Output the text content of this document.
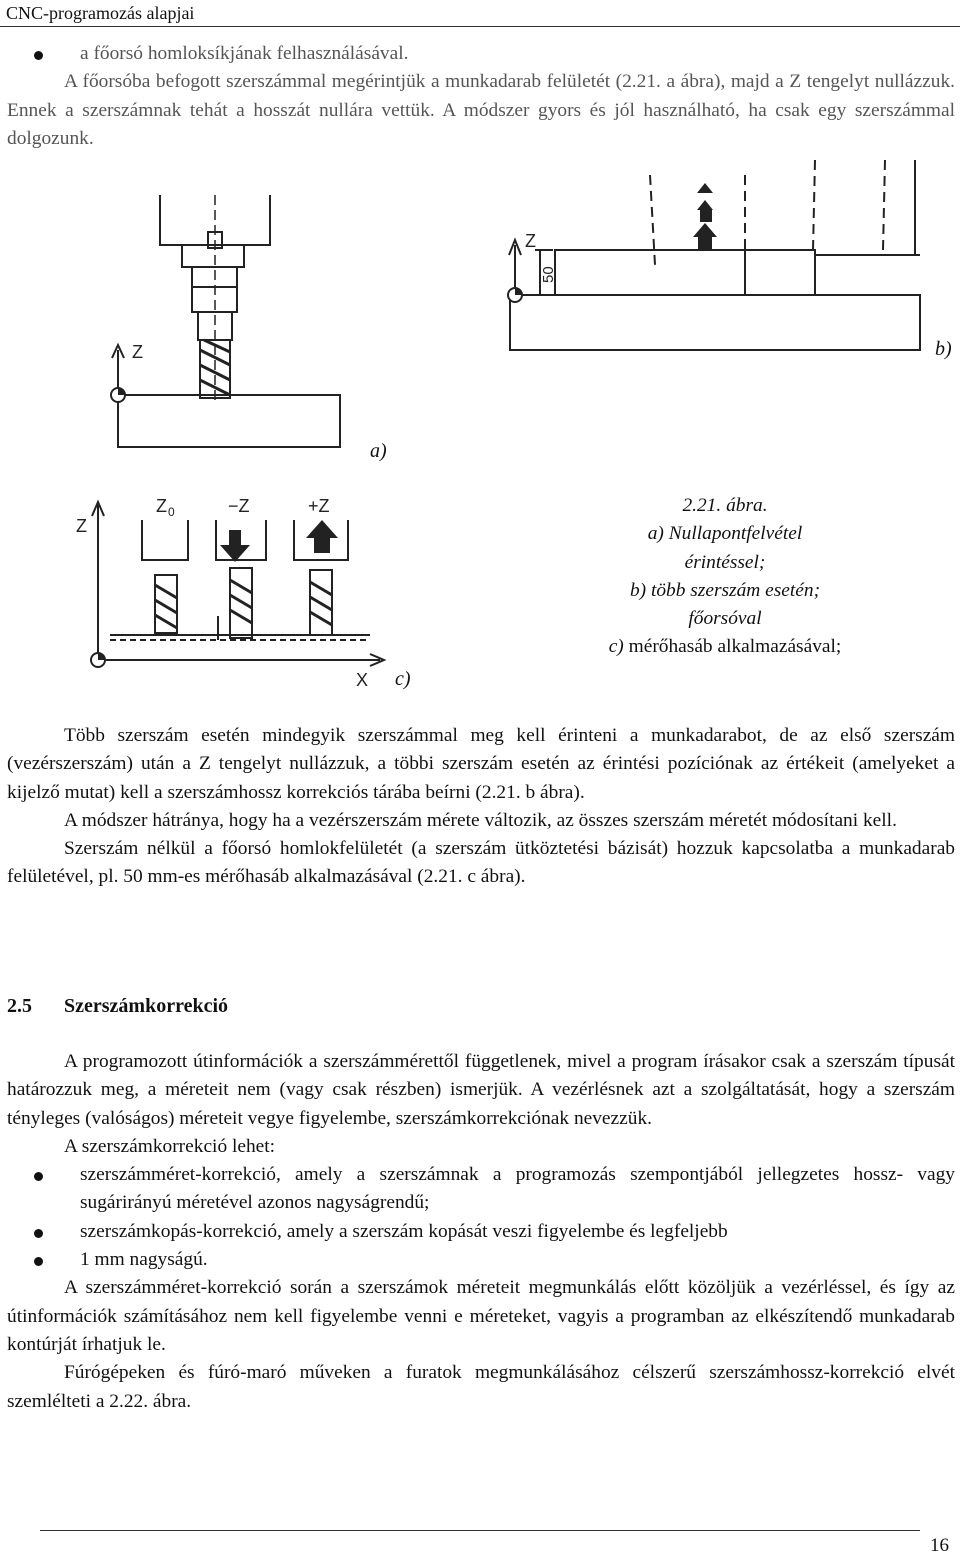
CNC-programozás alapjai
a főorsó homloksíkjának felhasználásával.

A főorsóba befogott szerszámmal megérintjük a munkadarab felületét (2.21. a ábra), majd a Z tengelyt nullázzuk. Ennek a szerszámnak tehát a hosszát nullára vettük. A módszer gyors és jól használható, ha csak egy szerszámmal dolgozunk.

Z
a)
Z
50
b)
Z
X
Z 0	−Z	+Z
c)
2.21. ábra.
a) Nullapontfelvétel
érintéssel;
b) több szerszám esetén;
főorsóval
c) mérőhasáb alkalmazásával;

Több szerszám esetén mindegyik szerszámmal meg kell érinteni a munkadarabot, de az első szerszám (vezérszerszám) után a Z tengelyt nullázzuk, a többi szerszám esetén az érintési pozíciónak az értékeit (amelyeket a kijelző mutat) kell a szerszámhossz korrekciós tárába beírni (2.21. b ábra).

A módszer hátránya, hogy ha a vezérszerszám mérete változik, az összes szerszám méretét módosítani kell.

Szerszám nélkül a főorsó homlokfelületét (a szerszám ütköztetési bázisát) hozzuk kapcsolatba a munkadarab felületével, pl. 50 mm-es mérőhasáb alkalmazásával (2.21. c ábra).

2.5 Szerszámkorrekció

A programozott útinformációk a szerszámmérettől függetlenek, mivel a program írásakor csak a szerszám típusát határozzuk meg, a méreteit nem (vagy csak részben) ismerjük. A vezérlésnek azt a szolgáltatását, hogy a szerszám tényleges (valóságos) méreteit vegye figyelembe, szerszámkorrekciónak nevezzük.

A szerszámkorrekció lehet:

szerszámméret-korrekció, amely a szerszámnak a programozás szempontjából jellegzetes hossz- vagy sugárirányú méretével azonos nagyságrendű;
szerszámkopás-korrekció, amely a szerszám kopását veszi figyelembe és legfeljebb
1 mm nagyságú.

A szerszámméret-korrekció során a szerszámok méreteit megmunkálás előtt közöljük a vezérléssel, és így az útinformációk számításához nem kell figyelembe venni e méreteket, vagyis a programban az elkészítendő munkadarab kontúrját írhatjuk le.

Fúrógépeken és fúró-maró műveken a furatok megmunkálásához célszerű szerszámhossz-korrekció elvét szemlélteti a 2.22. ábra.

16
